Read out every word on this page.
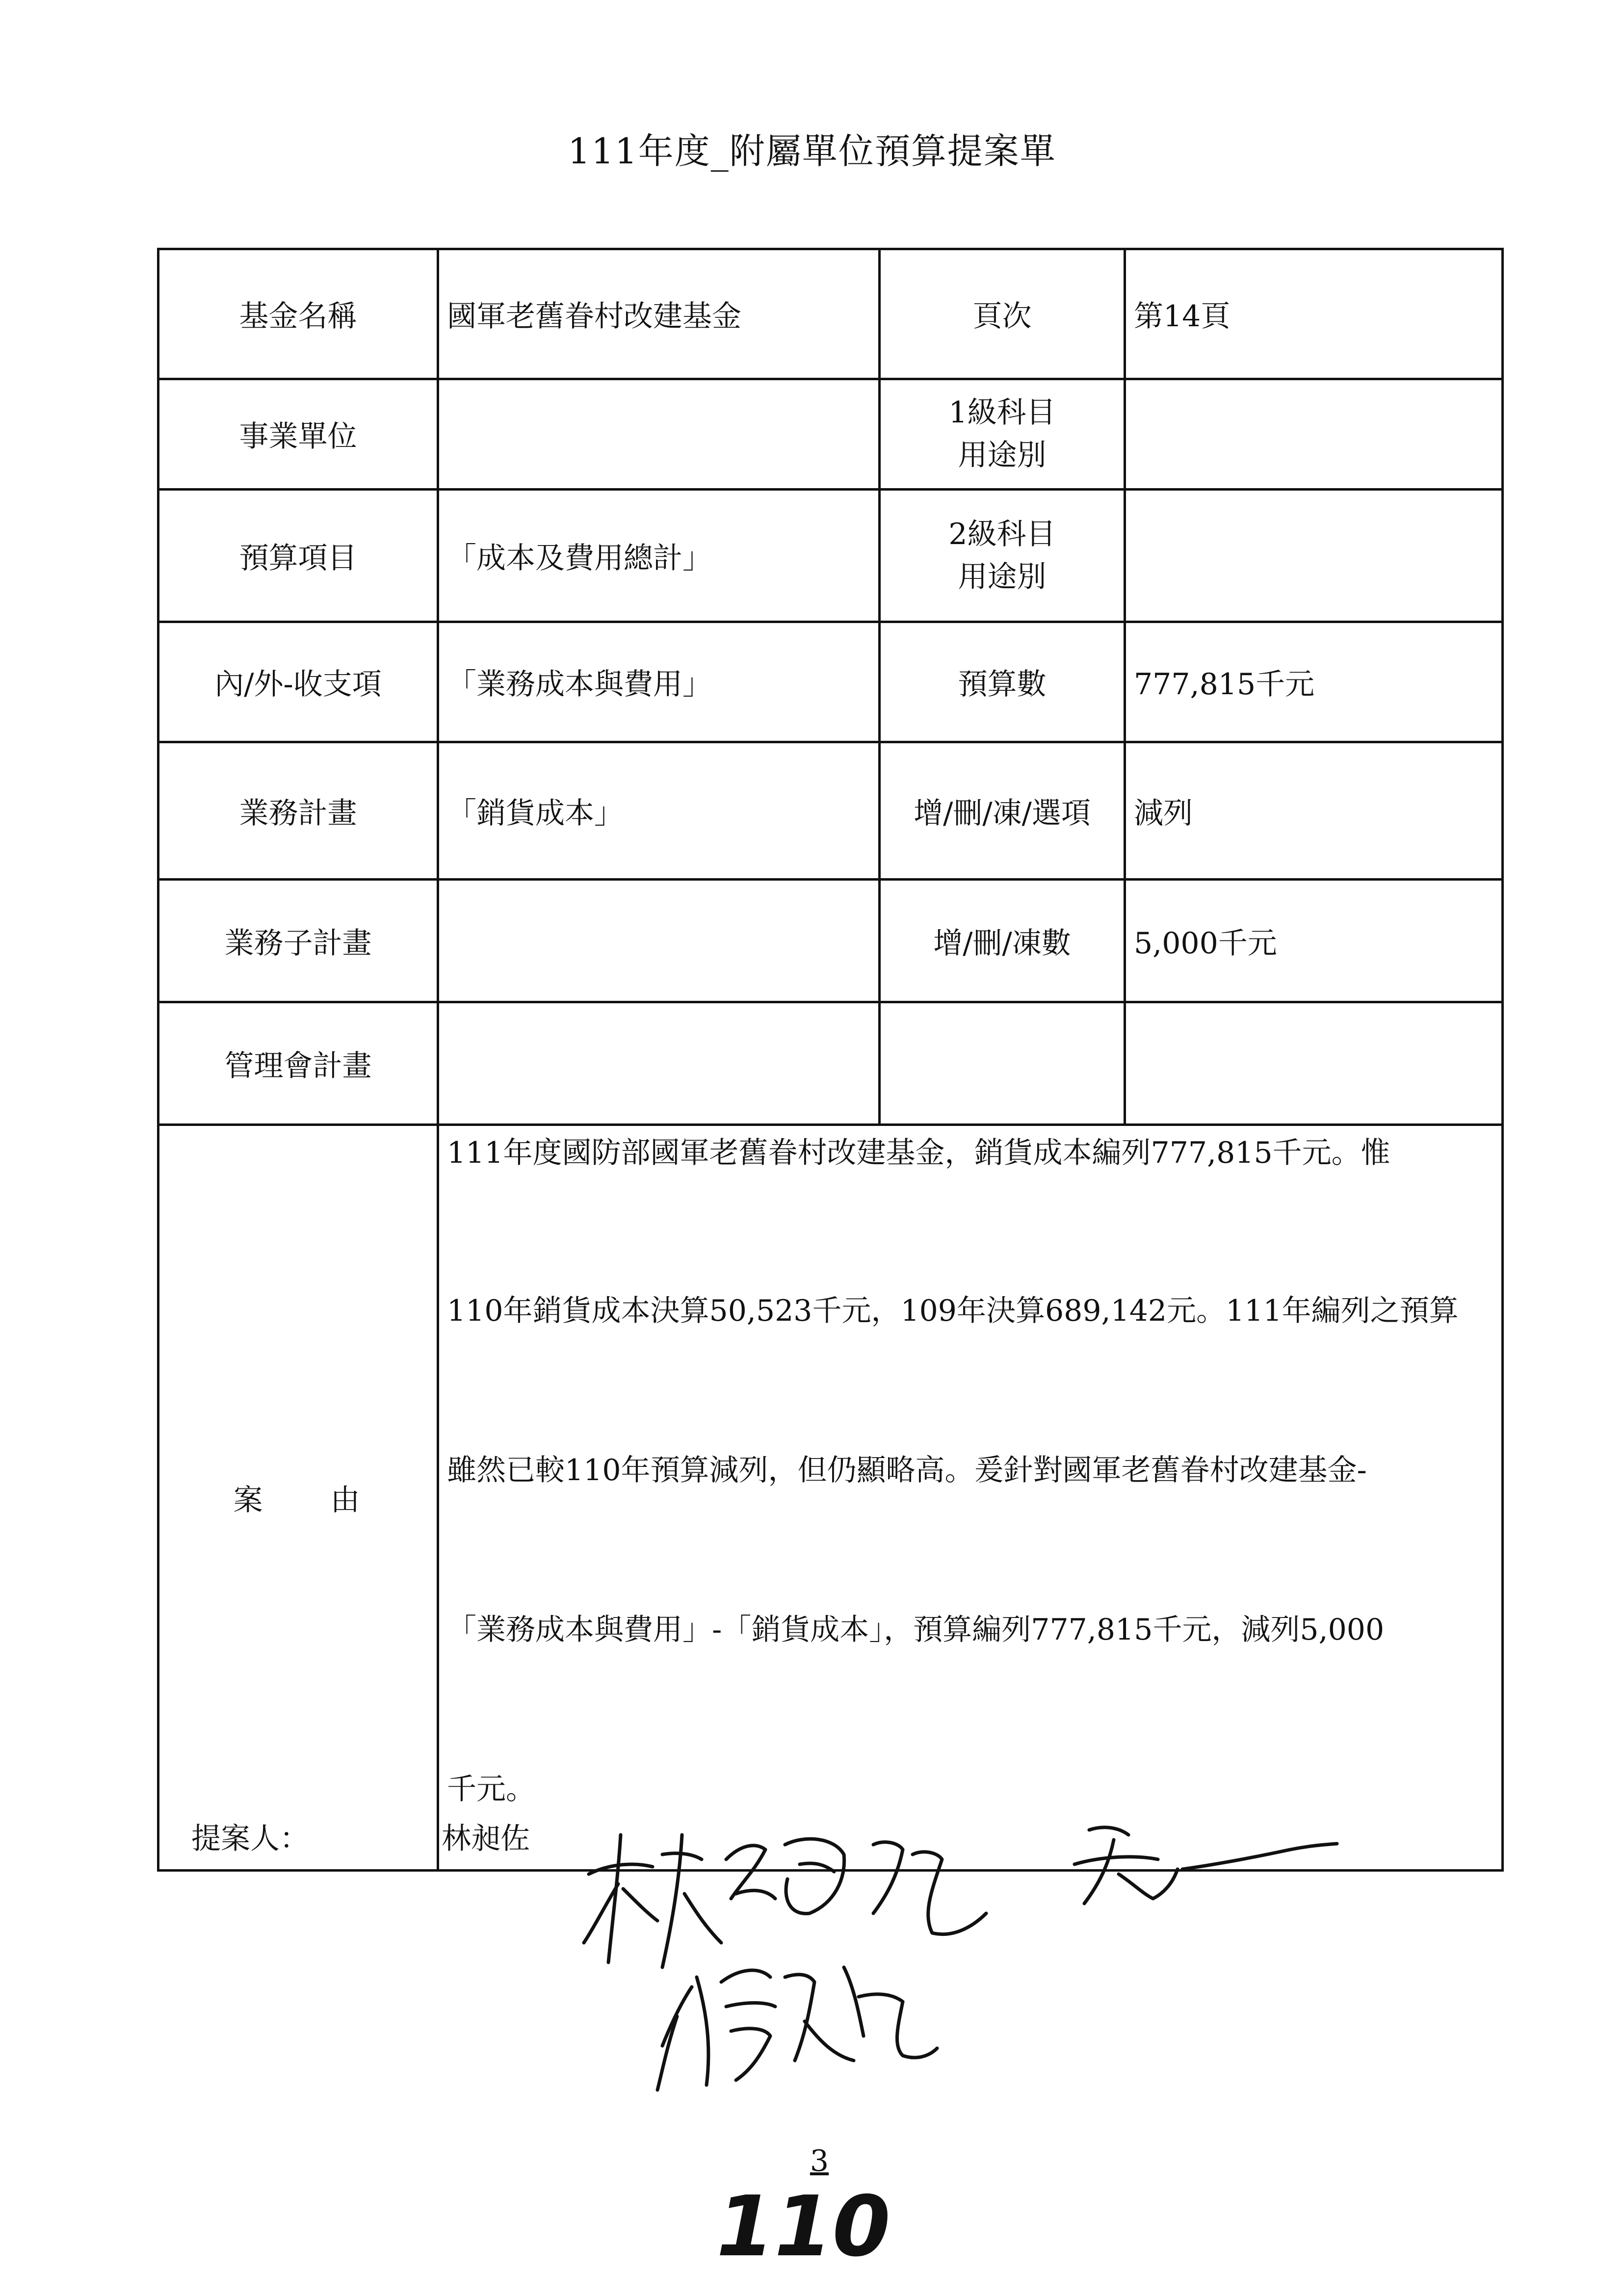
111年度_附屬單位預算提案單
基金名稱	國軍老舊眷村改建基金	頁次	第14頁
事業單位		1級科目
用途別	

預算項目	「成本及費用總計」	2級科目
用途別	

內/外-收支項	「業務成本與費用」	預算數	777,815千元
業務計畫	「銷貨成本」	增/刪/凍/選項	減列
業務子計畫		增/刪/凍數	5,000千元
管理會計畫			
案　　由	111年度國防部國軍老舊眷村改建基金，銷貨成本編列777,815千元。惟
110年銷貨成本決算50,523千元，109年決算689,142元。111年編列之預算
雖然已較110年預算減列，但仍顯略高。爰針對國軍老舊眷村改建基金-
「業務成本與費用」-「銷貨成本」，預算編列777,815千元，減列5,000
千元。		
提案人：	林昶佐
3
110
